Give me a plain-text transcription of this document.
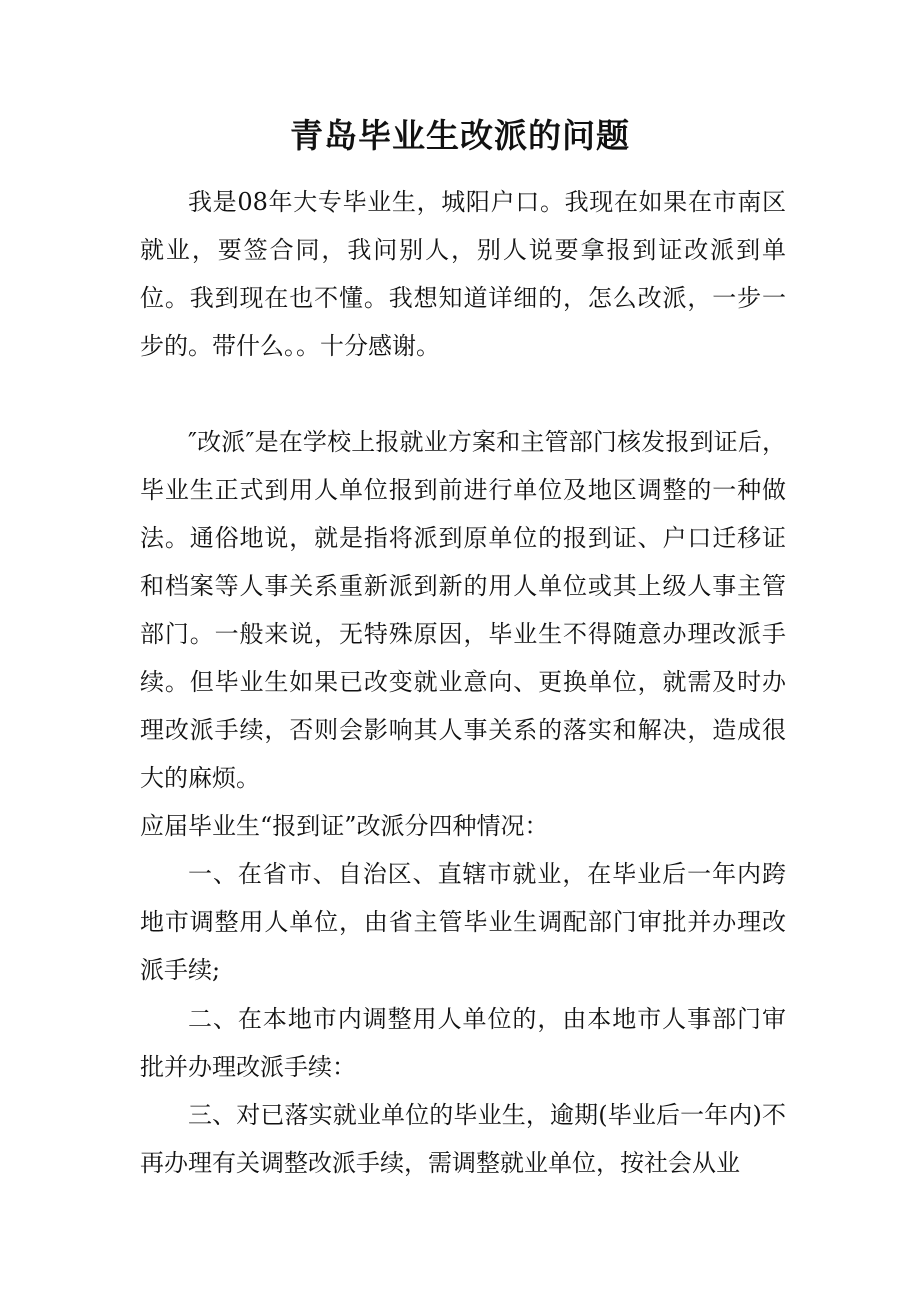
青岛毕业生改派的问题
我是08年大专毕业生，城阳户口。我现在如果在市南区就业，要签合同，我问别人，别人说要拿报到证改派到单位。我到现在也不懂。我想知道详细的，怎么改派，一步一步的。带什么。。十分感谢。
″改派″是在学校上报就业方案和主管部门核发报到证后，毕业生正式到用人单位报到前进行单位及地区调整的一种做法。通俗地说，就是指将派到原单位的报到证、户口迁移证和档案等人事关系重新派到新的用人单位或其上级人事主管部门。一般来说，无特殊原因，毕业生不得随意办理改派手续。但毕业生如果已改变就业意向、更换单位，就需及时办理改派手续，否则会影响其人事关系的落实和解决，造成很大的麻烦。
应届毕业生“报到证”改派分四种情况：
一、在省市、自治区、直辖市就业，在毕业后一年内跨地市调整用人单位，由省主管毕业生调配部门审批并办理改派手续;
二、在本地市内调整用人单位的，由本地市人事部门审批并办理改派手续：
三、对已落实就业单位的毕业生，逾期(毕业后一年内)不再办理有关调整改派手续，需调整就业单位，按社会从业
